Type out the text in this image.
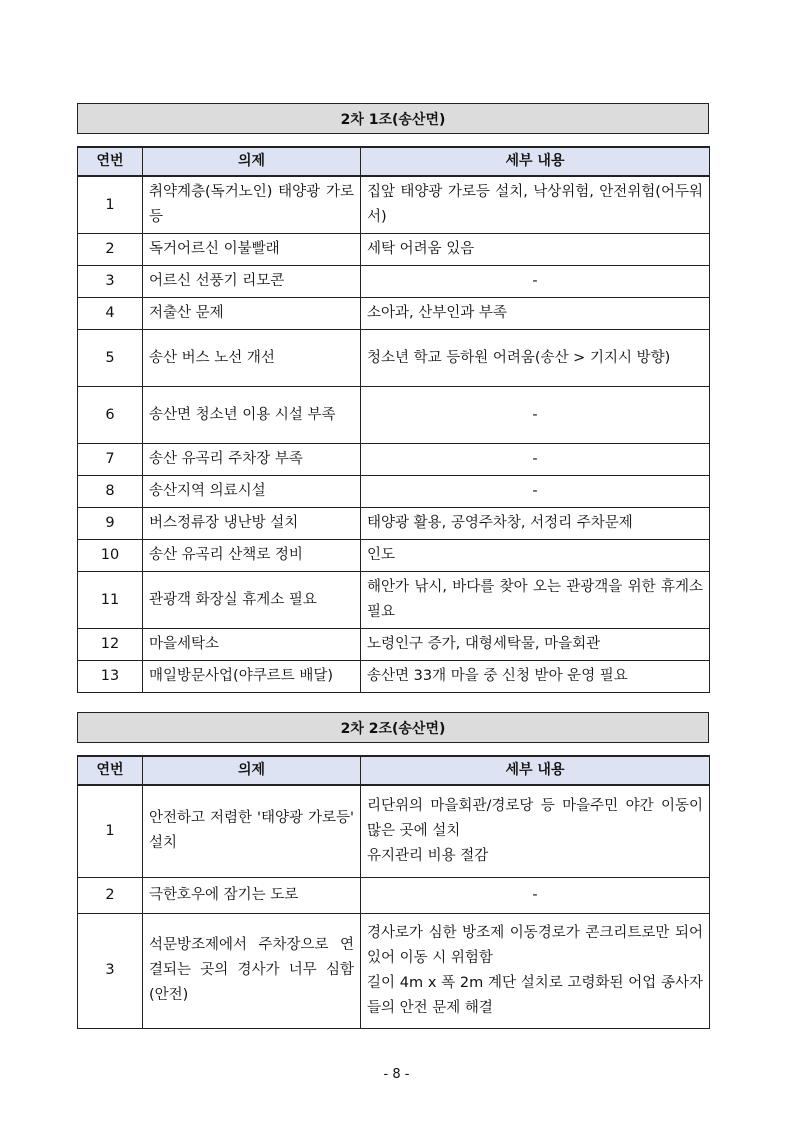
2차 1조(송산면)
연번	의제	세부 내용
1	취약계층(독거노인) 태양광 가로등	집앞 태양광 가로등 설치, 낙상위험, 안전위험(어두워서)
2	독거어르신 이불빨래	세탁 어려움 있음
3	어르신 선풍기 리모콘	-
4	저출산 문제	소아과, 산부인과 부족
5	송산 버스 노선 개선	청소년 학교 등하원 어려움(송산 > 기지시 방향)
6	송산면 청소년 이용 시설 부족	-
7	송산 유곡리 주차장 부족	-
8	송산지역 의료시설	-
9	버스정류장 냉난방 설치	태양광 활용, 공영주차창, 서정리 주차문제
10	송산 유곡리 산책로 정비	인도
11	관광객 화장실 휴게소 필요	해안가 낚시, 바다를 찾아 오는 관광객을 위한 휴게소 필요
12	마을세탁소	노령인구 증가, 대형세탁물, 마을회관
13	매일방문사업(야쿠르트 배달)	송산면 33개 마을 중 신청 받아 운영 필요
2차 2조(송산면)
연번	의제	세부 내용
1	안전하고 저렴한 '태양광 가로등' 설치	리단위의 마을회관/경로당 등 마을주민 야간 이동이 많은 곳에 설치
유지관리 비용 절감
2	극한호우에 잠기는 도로	-
3	석문방조제에서 주차장으로 연결되는 곳의 경사가 너무 심함(안전)	경사로가 심한 방조제 이동경로가 콘크리트로만 되어 있어 이동 시 위험함
길이 4m x 폭 2m 계단 설치로 고령화된 어업 종사자들의 안전 문제 해결
- 8 -
